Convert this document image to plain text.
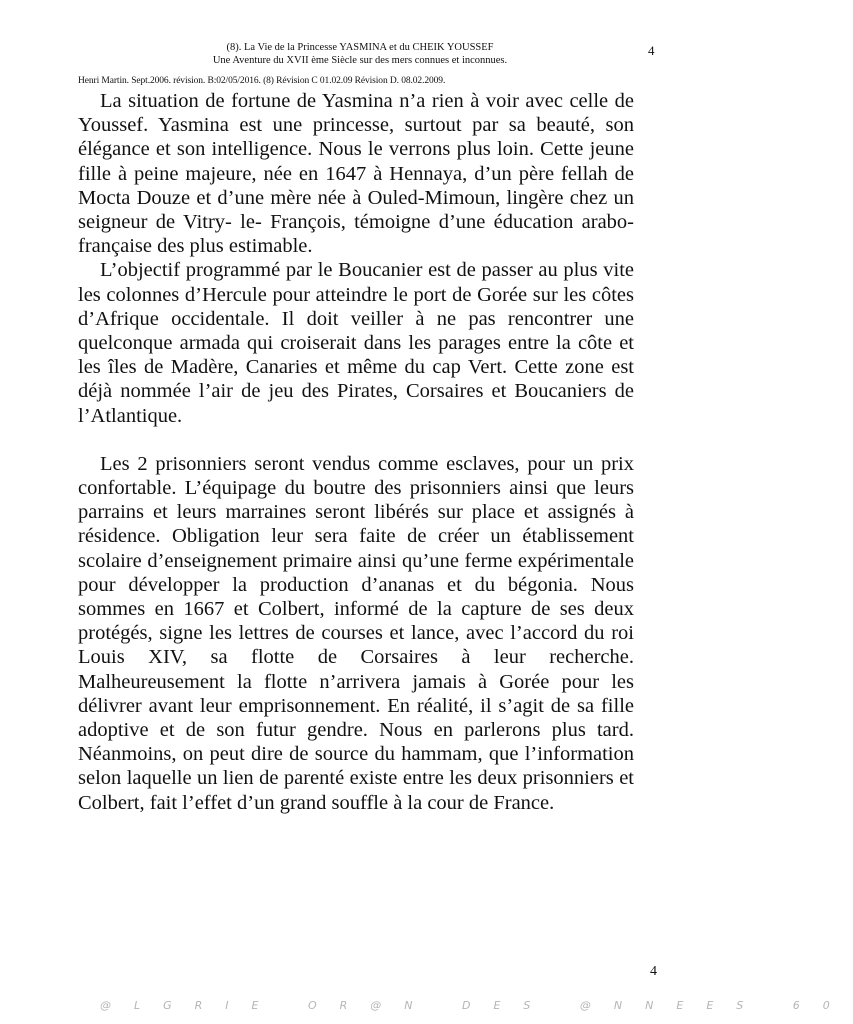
(8). La Vie de la Princesse YASMINA et du CHEIK YOUSSEF
Une Aventure du XVII ème Siècle sur des mers connues et inconnues.
4
Henri Martin. Sept.2006. révision. B:02/05/2016. (8) Révision C 01.02.09 Révision D. 08.02.2009.

La situation de fortune de Yasmina n’a rien à voir avec celle de Youssef. Yasmina est une princesse, surtout par sa beauté, son élégance et son intelligence. Nous le verrons plus loin. Cette jeune fille à peine majeure, née en 1647 à Hennaya, d’un père fellah de Mocta Douze et d’une mère née à Ouled-Mimoun, lingère chez un seigneur de Vitry- le- François, témoigne d’une éducation arabo-française des plus estimable.

L’objectif programmé par le Boucanier est de passer au plus vite les colonnes d’Hercule pour atteindre le port de Gorée sur les côtes d’Afrique occidentale. Il doit veiller à ne pas rencontrer une quelconque armada qui croiserait dans les parages entre la côte et les îles de Madère, Canaries et même du cap Vert. Cette zone est déjà nommée l’air de jeu des Pirates, Corsaires et Boucaniers de l’Atlantique.

Les 2 prisonniers seront vendus comme esclaves, pour un prix confortable. L’équipage du boutre des prisonniers ainsi que leurs parrains et leurs marraines seront libérés sur place et assignés à résidence. Obligation leur sera faite de créer un établissement scolaire d’enseignement primaire ainsi qu’une ferme expérimentale pour développer la production d’ananas et du bégonia. Nous sommes en 1667 et Colbert, informé de la capture de ses deux protégés, signe les lettres de courses et lance, avec l’accord du roi Louis XIV, sa flotte de Corsaires à leur recherche. Malheureusement la flotte n’arrivera jamais à Gorée pour les délivrer avant leur emprisonnement. En réalité, il s’agit de sa fille adoptive et de son futur gendre. Nous en parlerons plus tard. Néanmoins, on peut dire de source du hammam, que l’information selon laquelle un lien de parenté existe entre les deux prisonniers et Colbert, fait l’effet d’un grand souffle à la cour de France.

4
@LGRIE OR@N DES @NNEES 60
